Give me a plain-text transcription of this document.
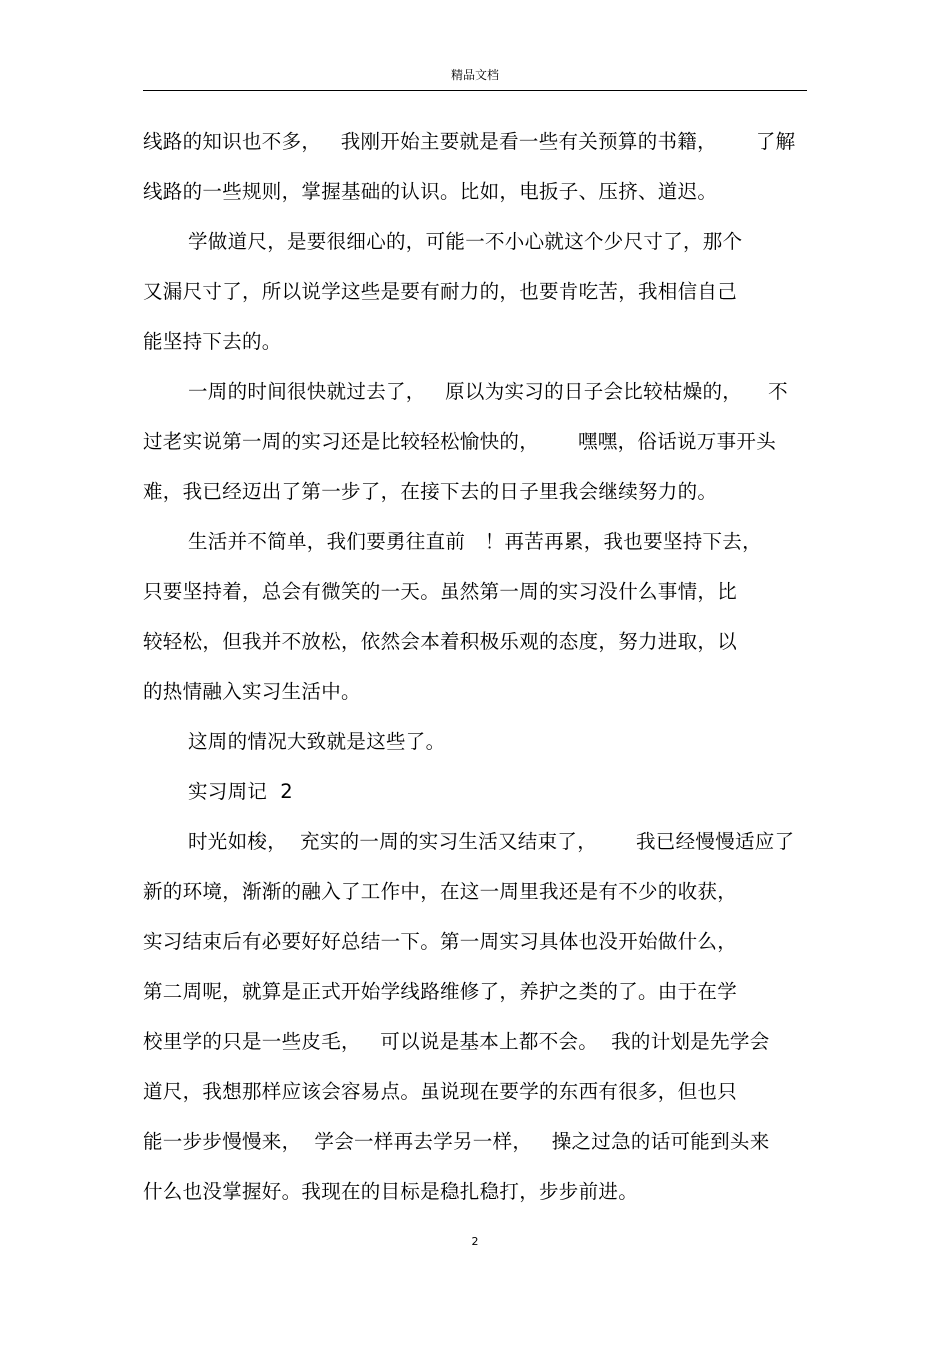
精品文档
线路的知识也不多，   我刚开始主要就是看一些有关预算的书籍，      了解
线路的一些规则，掌握基础的认识。比如，电扳子、压挤、道迟。
学做道尺，是要很细心的，可能一不小心就这个少尺寸了，那个
又漏尺寸了，所以说学这些是要有耐力的，也要肯吃苦，我相信自己
能坚持下去的。
一周的时间很快就过去了，   原以为实习的日子会比较枯燥的，    不
过老实说第一周的实习还是比较轻松愉快的，      嘿嘿，俗话说万事开头
难，我已经迈出了第一步了，在接下去的日子里我会继续努力的。
生活并不简单，我们要勇往直前   ！再苦再累，我也要坚持下去，
只要坚持着，总会有微笑的一天。虽然第一周的实习没什么事情，比
较轻松，但我并不放松，依然会本着积极乐观的态度，努力进取，以
的热情融入实习生活中。
这周的情况大致就是这些了。
实习周记  2
时光如梭，  充实的一周的实习生活又结束了，      我已经慢慢适应了
新的环境，渐渐的融入了工作中，在这一周里我还是有不少的收获，
实习结束后有必要好好总结一下。第一周实习具体也没开始做什么，
第二周呢，就算是正式开始学线路维修了，养护之类的了。由于在学
校里学的只是一些皮毛，   可以说是基本上都不会。  我的计划是先学会
道尺，我想那样应该会容易点。虽说现在要学的东西有很多，但也只
能一步步慢慢来，  学会一样再去学另一样，   操之过急的话可能到头来
什么也没掌握好。我现在的目标是稳扎稳打，步步前进。
2
